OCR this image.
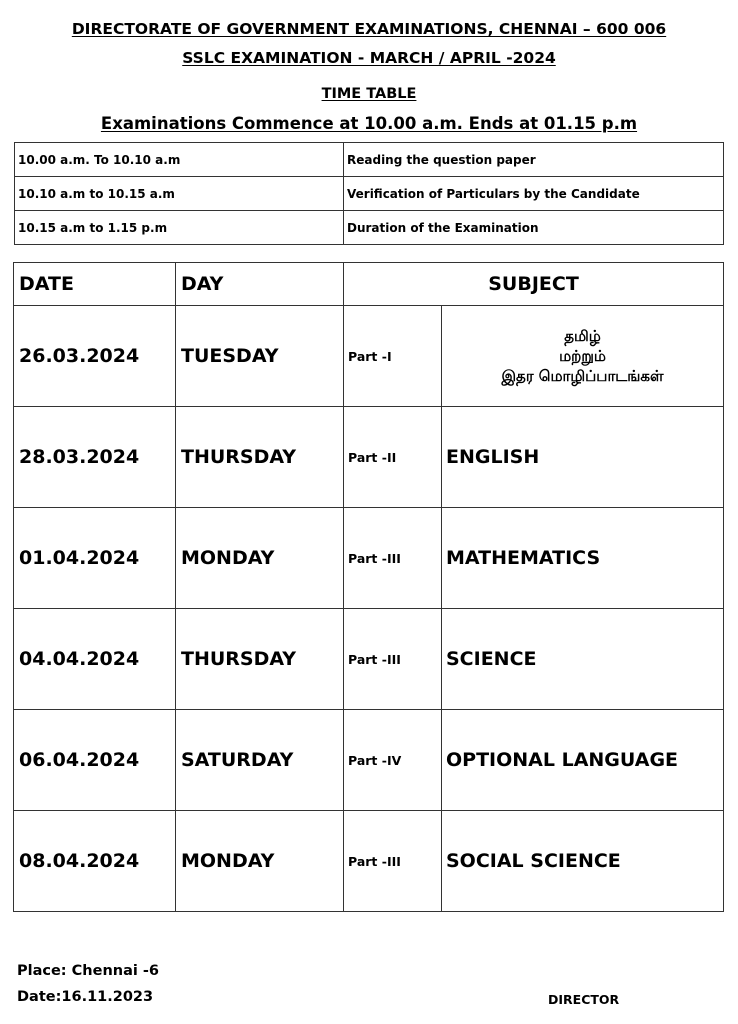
DIRECTORATE OF GOVERNMENT EXAMINATIONS, CHENNAI – 600 006
SSLC EXAMINATION - MARCH / APRIL -2024
TIME TABLE
Examinations Commence at 10.00 a.m. Ends at 01.15 p.m
10.00 a.m. To 10.10 a.m	Reading the question paper
10.10 a.m to 10.15 a.m	Verification of Particulars by the Candidate
10.15 a.m to 1.15 p.m	Duration of the Examination
DATE	DAY	SUBJECT	
26.03.2024	TUESDAY	Part -I	தமிழ்
மற்றும்
இதர மொழிப்பாடங்கள்

28.03.2024	THURSDAY	Part -II	ENGLISH
01.04.2024	MONDAY	Part -III	MATHEMATICS
04.04.2024	THURSDAY	Part -III	SCIENCE
06.04.2024	SATURDAY	Part -IV	OPTIONAL LANGUAGE
08.04.2024	MONDAY	Part -III	SOCIAL SCIENCE
Place: Chennai -6
Date:16.11.2023	DIRECTOR
